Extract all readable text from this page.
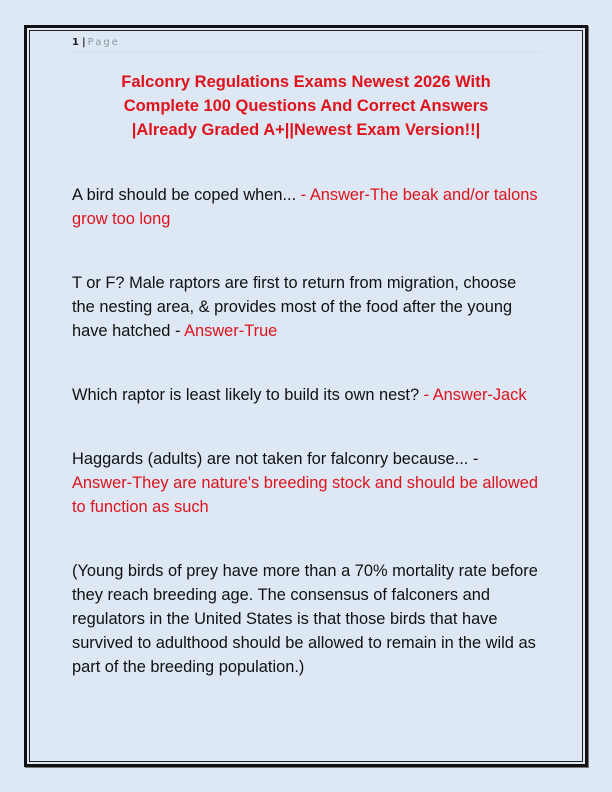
1 | Page
Falconry Regulations Exams Newest 2026 With
Complete 100 Questions And Correct Answers
|Already Graded A+||Newest Exam Version!!|

A bird should be coped when... - Answer-The beak and/or talons grow too long

T or F? Male raptors are first to return from migration, choose the nesting area, & provides most of the food after the young have hatched - Answer-True

Which raptor is least likely to build its own nest? - Answer-Jack

Haggards (adults) are not taken for falconry because... - Answer-They are nature's breeding stock and should be allowed to function as such

(Young birds of prey have more than a 70% mortality rate before they reach breeding age. The consensus of falconers and regulators in the United States is that those birds that have survived to adulthood should be allowed to remain in the wild as part of the breeding population.)
